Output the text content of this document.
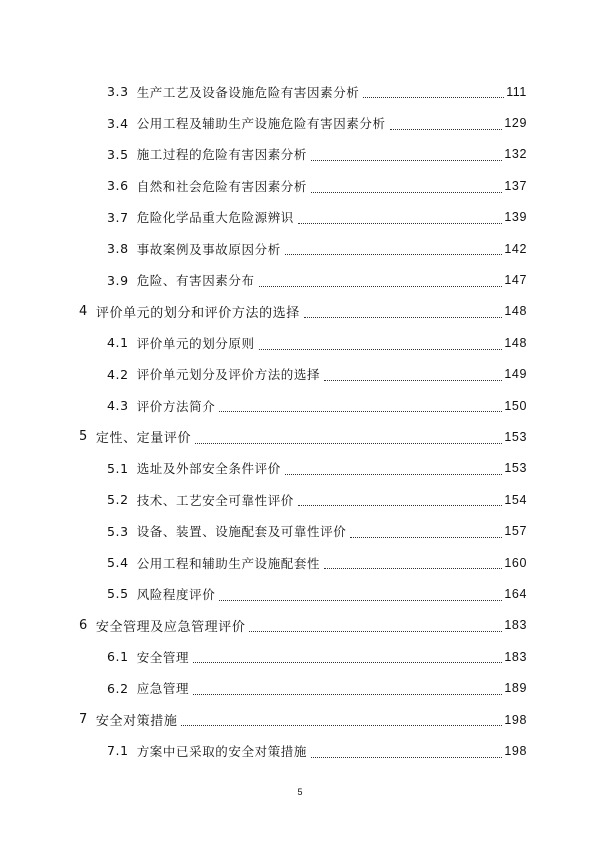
3.3 生产工艺及设备设施危险有害因素分析	111
3.4 公用工程及辅助生产设施危险有害因素分析	129
3.5 施工过程的危险有害因素分析	132
3.6 自然和社会危险有害因素分析	137
3.7 危险化学品重大危险源辨识	139
3.8 事故案例及事故原因分析	142
3.9 危险、有害因素分布	147
4 评价单元的划分和评价方法的选择	148
4.1 评价单元的划分原则	148
4.2 评价单元划分及评价方法的选择	149
4.3 评价方法简介	150
5 定性、定量评价	153
5.1 选址及外部安全条件评价	153
5.2 技术、工艺安全可靠性评价	154
5.3 设备、装置、设施配套及可靠性评价	157
5.4 公用工程和辅助生产设施配套性	160
5.5 风险程度评价	164
6 安全管理及应急管理评价	183
6.1 安全管理	183
6.2 应急管理	189
7 安全对策措施	198
7.1 方案中已采取的安全对策措施	198
5
